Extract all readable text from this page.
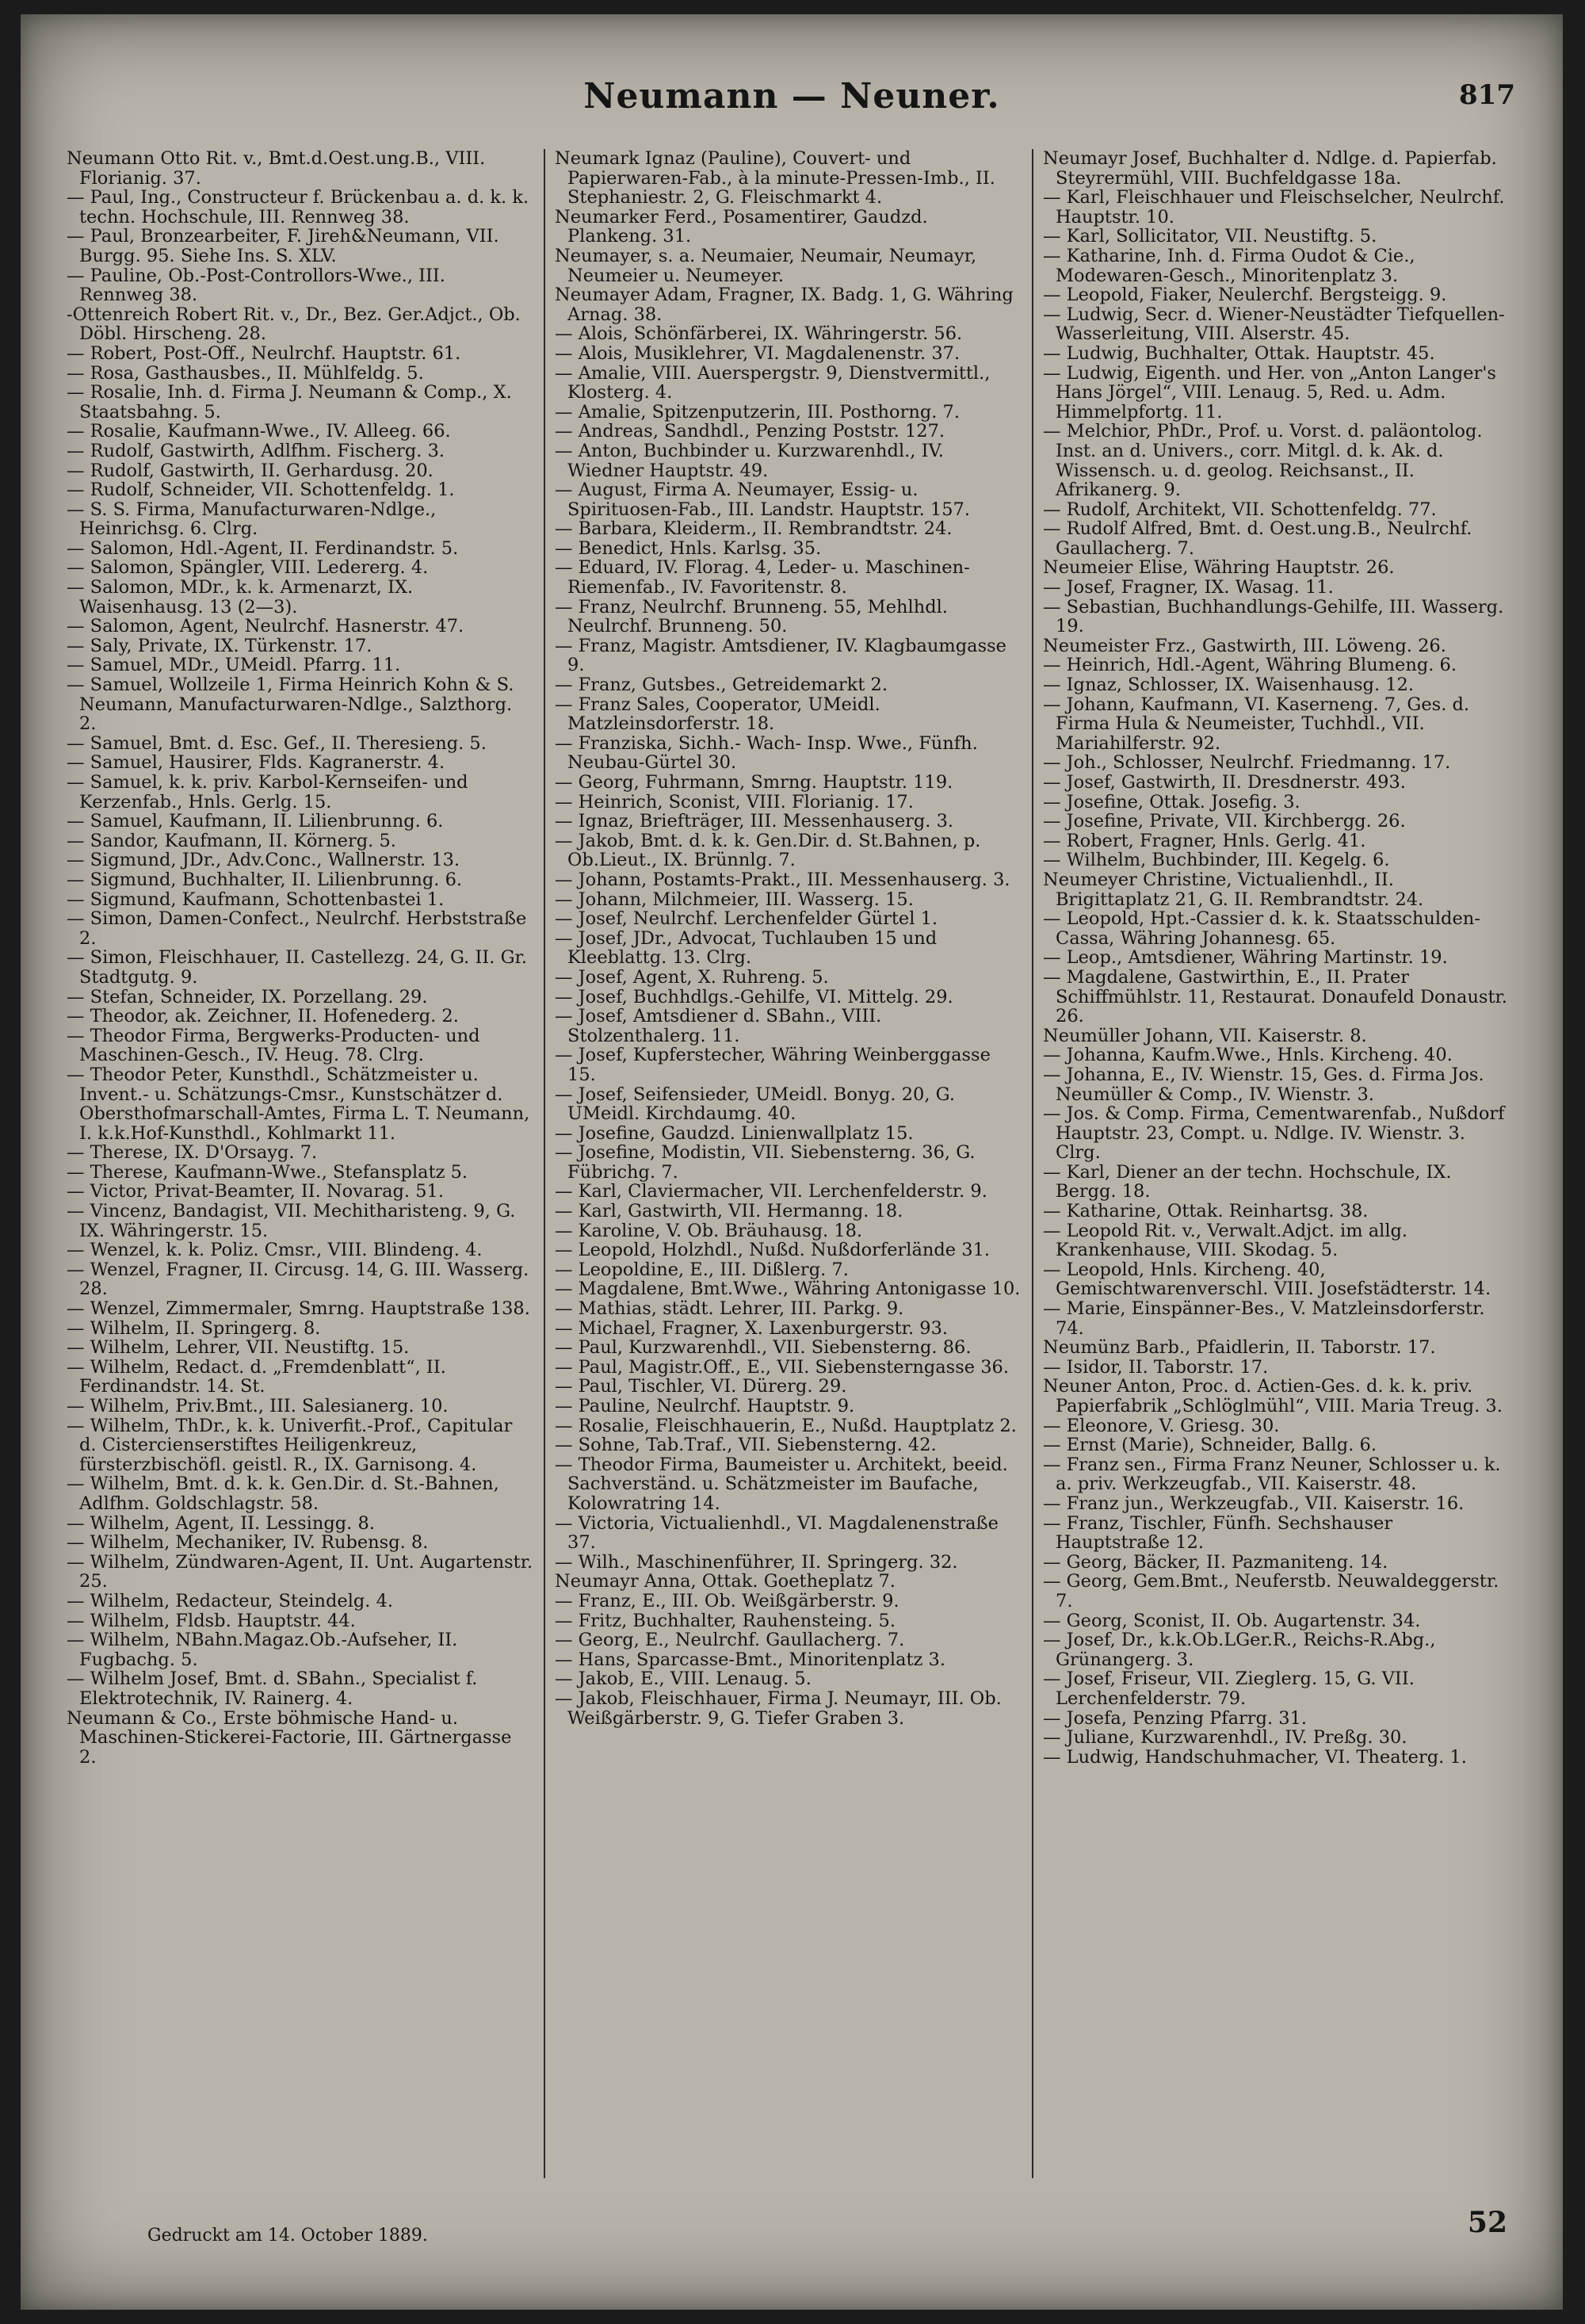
Neumann — Neuner.	817

Neumann Otto Rit. v., Bmt.d.Oest.ung.B., VIII. Florianig. 37.

— Paul, Ing., Constructeur f. Brückenbau a. d. k. k. techn. Hochschule, III. Rennweg 38.

— Paul, Bronzearbeiter, F. Jireh&Neumann, VII. Burgg. 95. Siehe Ins. S. XLV.

— Pauline, Ob.-Post-Controllors-Wwe., III. Rennweg 38.

-Ottenreich Robert Rit. v., Dr., Bez. Ger.Adjct., Ob. Döbl. Hirscheng. 28.

— Robert, Post-Off., Neulrchf. Hauptstr. 61.

— Rosa, Gasthausbes., II. Mühlfeldg. 5.

— Rosalie, Inh. d. Firma J. Neumann & Comp., X. Staatsbahng. 5.

— Rosalie, Kaufmann-Wwe., IV. Alleeg. 66.

— Rudolf, Gastwirth, Adlfhm. Fischerg. 3.

— Rudolf, Gastwirth, II. Gerhardusg. 20.

— Rudolf, Schneider, VII. Schottenfeldg. 1.

— S. S. Firma, Manufacturwaren-Ndlge., Heinrichsg. 6. Clrg.

— Salomon, Hdl.-Agent, II. Ferdinandstr. 5.

— Salomon, Spängler, VIII. Ledererg. 4.

— Salomon, MDr., k. k. Armenarzt, IX. Waisenhausg. 13 (2—3).

— Salomon, Agent, Neulrchf. Hasnerstr. 47.

— Saly, Private, IX. Türkenstr. 17.

— Samuel, MDr., UMeidl. Pfarrg. 11.

— Samuel, Wollzeile 1, Firma Heinrich Kohn & S. Neumann, Manufacturwaren-Ndlge., Salzthorg. 2.

— Samuel, Bmt. d. Esc. Gef., II. Theresieng. 5.

— Samuel, Hausirer, Flds. Kagranerstr. 4.

— Samuel, k. k. priv. Karbol-Kernseifen- und Kerzenfab., Hnls. Gerlg. 15.

— Samuel, Kaufmann, II. Lilienbrunng. 6.

— Sandor, Kaufmann, II. Körnerg. 5.

— Sigmund, JDr., Adv.Conc., Wallnerstr. 13.

— Sigmund, Buchhalter, II. Lilienbrunng. 6.

— Sigmund, Kaufmann, Schottenbastei 1.

— Simon, Damen-Confect., Neulrchf. Herbststraße 2.

— Simon, Fleischhauer, II. Castellezg. 24, G. II. Gr. Stadtgutg. 9.

— Stefan, Schneider, IX. Porzellang. 29.

— Theodor, ak. Zeichner, II. Hofenederg. 2.

— Theodor Firma, Bergwerks-Producten- und Maschinen-Gesch., IV. Heug. 78. Clrg.

— Theodor Peter, Kunsthdl., Schätzmeister u. Invent.- u. Schätzungs-Cmsr., Kunstschätzer d. Obersthofmarschall-Amtes, Firma L. T. Neumann, I. k.k.Hof-Kunsthdl., Kohlmarkt 11.

— Therese, IX. D'Orsayg. 7.

— Therese, Kaufmann-Wwe., Stefansplatz 5.

— Victor, Privat-Beamter, II. Novarag. 51.

— Vincenz, Bandagist, VII. Mechitharisteng. 9, G. IX. Währingerstr. 15.

— Wenzel, k. k. Poliz. Cmsr., VIII. Blindeng. 4.

— Wenzel, Fragner, II. Circusg. 14, G. III. Wasserg. 28.

— Wenzel, Zimmermaler, Smrng. Hauptstraße 138.

— Wilhelm, II. Springerg. 8.

— Wilhelm, Lehrer, VII. Neustiftg. 15.

— Wilhelm, Redact. d. „Fremdenblatt“, II. Ferdinandstr. 14. St.

— Wilhelm, Priv.Bmt., III. Salesianerg. 10.

— Wilhelm, ThDr., k. k. Univerfit.-Prof., Capitular d. Cistercienserstiftes Heiligenkreuz, fürsterzbischöfl. geistl. R., IX. Garnisong. 4.

— Wilhelm, Bmt. d. k. k. Gen.Dir. d. St.-Bahnen, Adlfhm. Goldschlagstr. 58.

— Wilhelm, Agent, II. Lessingg. 8.

— Wilhelm, Mechaniker, IV. Rubensg. 8.

— Wilhelm, Zündwaren-Agent, II. Unt. Augartenstr. 25.

— Wilhelm, Redacteur, Steindelg. 4.

— Wilhelm, Fldsb. Hauptstr. 44.

— Wilhelm, NBahn.Magaz.Ob.-Aufseher, II. Fugbachg. 5.

— Wilhelm Josef, Bmt. d. SBahn., Specialist f. Elektrotechnik, IV. Rainerg. 4.

Neumann & Co., Erste böhmische Hand- u. Maschinen-Stickerei-Factorie, III. Gärtnergasse 2.

Neumark Ignaz (Pauline), Couvert- und Papierwaren-Fab., à la minute-Pressen-Imb., II. Stephaniestr. 2, G. Fleischmarkt 4.

Neumarker Ferd., Posamentirer, Gaudzd. Plankeng. 31.

Neumayer, s. a. Neumaier, Neumair, Neumayr, Neumeier u. Neumeyer.

Neumayer Adam, Fragner, IX. Badg. 1, G. Währing Arnag. 38.

— Alois, Schönfärberei, IX. Währingerstr. 56.

— Alois, Musiklehrer, VI. Magdalenenstr. 37.

— Amalie, VIII. Auerspergstr. 9, Dienstvermittl., Klosterg. 4.

— Amalie, Spitzenputzerin, III. Posthorng. 7.

— Andreas, Sandhdl., Penzing Poststr. 127.

— Anton, Buchbinder u. Kurzwarenhdl., IV. Wiedner Hauptstr. 49.

— August, Firma A. Neumayer, Essig- u. Spirituosen-Fab., III. Landstr. Hauptstr. 157.

— Barbara, Kleiderm., II. Rembrandtstr. 24.

— Benedict, Hnls. Karlsg. 35.

— Eduard, IV. Florag. 4, Leder- u. Maschinen-Riemenfab., IV. Favoritenstr. 8.

— Franz, Neulrchf. Brunneng. 55, Mehlhdl. Neulrchf. Brunneng. 50.

— Franz, Magistr. Amtsdiener, IV. Klagbaumgasse 9.

— Franz, Gutsbes., Getreidemarkt 2.

— Franz Sales, Cooperator, UMeidl. Matzleinsdorferstr. 18.

— Franziska, Sichh.- Wach- Insp. Wwe., Fünfh. Neubau-Gürtel 30.

— Georg, Fuhrmann, Smrng. Hauptstr. 119.

— Heinrich, Sconist, VIII. Florianig. 17.

— Ignaz, Briefträger, III. Messenhauserg. 3.

— Jakob, Bmt. d. k. k. Gen.Dir. d. St.Bahnen, p. Ob.Lieut., IX. Brünnlg. 7.

— Johann, Postamts-Prakt., III. Messenhauserg. 3.

— Johann, Milchmeier, III. Wasserg. 15.

— Josef, Neulrchf. Lerchenfelder Gürtel 1.

— Josef, JDr., Advocat, Tuchlauben 15 und Kleeblattg. 13. Clrg.

— Josef, Agent, X. Ruhreng. 5.

— Josef, Buchhdlgs.-Gehilfe, VI. Mittelg. 29.

— Josef, Amtsdiener d. SBahn., VIII. Stolzenthalerg. 11.

— Josef, Kupferstecher, Währing Weinberggasse 15.

— Josef, Seifensieder, UMeidl. Bonyg. 20, G. UMeidl. Kirchdaumg. 40.

— Josefine, Gaudzd. Linienwallplatz 15.

— Josefine, Modistin, VII. Siebensterng. 36, G. Fübrichg. 7.

— Karl, Claviermacher, VII. Lerchenfelderstr. 9.

— Karl, Gastwirth, VII. Hermanng. 18.

— Karoline, V. Ob. Bräuhausg. 18.

— Leopold, Holzhdl., Nußd. Nußdorferlände 31.

— Leopoldine, E., III. Dißlerg. 7.

— Magdalene, Bmt.Wwe., Währing Antonigasse 10.

— Mathias, städt. Lehrer, III. Parkg. 9.

— Michael, Fragner, X. Laxenburgerstr. 93.

— Paul, Kurzwarenhdl., VII. Siebensterng. 86.

— Paul, Magistr.Off., E., VII. Siebensterngasse 36.

— Paul, Tischler, VI. Dürerg. 29.

— Pauline, Neulrchf. Hauptstr. 9.

— Rosalie, Fleischhauerin, E., Nußd. Hauptplatz 2.

— Sohne, Tab.Traf., VII. Siebensterng. 42.

— Theodor Firma, Baumeister u. Architekt, beeid. Sachverständ. u. Schätzmeister im Baufache, Kolowratring 14.

— Victoria, Victualienhdl., VI. Magdalenenstraße 37.

— Wilh., Maschinenführer, II. Springerg. 32.

Neumayr Anna, Ottak. Goetheplatz 7.

— Franz, E., III. Ob. Weißgärberstr. 9.

— Fritz, Buchhalter, Rauhensteing. 5.

— Georg, E., Neulrchf. Gaullacherg. 7.

— Hans, Sparcasse-Bmt., Minoritenplatz 3.

— Jakob, E., VIII. Lenaug. 5.

— Jakob, Fleischhauer, Firma J. Neumayr, III. Ob. Weißgärberstr. 9, G. Tiefer Graben 3.

Neumayr Josef, Buchhalter d. Ndlge. d. Papierfab. Steyrermühl, VIII. Buchfeldgasse 18a.

— Karl, Fleischhauer und Fleischselcher, Neulrchf. Hauptstr. 10.

— Karl, Sollicitator, VII. Neustiftg. 5.

— Katharine, Inh. d. Firma Oudot & Cie., Modewaren-Gesch., Minoritenplatz 3.

— Leopold, Fiaker, Neulerchf. Bergsteigg. 9.

— Ludwig, Secr. d. Wiener-Neustädter Tiefquellen-Wasserleitung, VIII. Alserstr. 45.

— Ludwig, Buchhalter, Ottak. Hauptstr. 45.

— Ludwig, Eigenth. und Her. von „Anton Langer's Hans Jörgel“, VIII. Lenaug. 5, Red. u. Adm. Himmelpfortg. 11.

— Melchior, PhDr., Prof. u. Vorst. d. paläontolog. Inst. an d. Univers., corr. Mitgl. d. k. Ak. d. Wissensch. u. d. geolog. Reichsanst., II. Afrikanerg. 9.

— Rudolf, Architekt, VII. Schottenfeldg. 77.

— Rudolf Alfred, Bmt. d. Oest.ung.B., Neulrchf. Gaullacherg. 7.

Neumeier Elise, Währing Hauptstr. 26.

— Josef, Fragner, IX. Wasag. 11.

— Sebastian, Buchhandlungs-Gehilfe, III. Wasserg. 19.

Neumeister Frz., Gastwirth, III. Löweng. 26.

— Heinrich, Hdl.-Agent, Währing Blumeng. 6.

— Ignaz, Schlosser, IX. Waisenhausg. 12.

— Johann, Kaufmann, VI. Kaserneng. 7, Ges. d. Firma Hula & Neumeister, Tuchhdl., VII. Mariahilferstr. 92.

— Joh., Schlosser, Neulrchf. Friedmanng. 17.

— Josef, Gastwirth, II. Dresdnerstr. 493.

— Josefine, Ottak. Josefig. 3.

— Josefine, Private, VII. Kirchbergg. 26.

— Robert, Fragner, Hnls. Gerlg. 41.

— Wilhelm, Buchbinder, III. Kegelg. 6.

Neumeyer Christine, Victualienhdl., II. Brigittaplatz 21, G. II. Rembrandtstr. 24.

— Leopold, Hpt.-Cassier d. k. k. Staatsschulden-Cassa, Währing Johannesg. 65.

— Leop., Amtsdiener, Währing Martinstr. 19.

— Magdalene, Gastwirthin, E., II. Prater Schiffmühlstr. 11, Restaurat. Donaufeld Donaustr. 26.

Neumüller Johann, VII. Kaiserstr. 8.

— Johanna, Kaufm.Wwe., Hnls. Kircheng. 40.

— Johanna, E., IV. Wienstr. 15, Ges. d. Firma Jos. Neumüller & Comp., IV. Wienstr. 3.

— Jos. & Comp. Firma, Cementwarenfab., Nußdorf Hauptstr. 23, Compt. u. Ndlge. IV. Wienstr. 3. Clrg.

— Karl, Diener an der techn. Hochschule, IX. Bergg. 18.

— Katharine, Ottak. Reinhartsg. 38.

— Leopold Rit. v., Verwalt.Adjct. im allg. Krankenhause, VIII. Skodag. 5.

— Leopold, Hnls. Kircheng. 40, Gemischtwarenverschl. VIII. Josefstädterstr. 14.

— Marie, Einspänner-Bes., V. Matzleinsdorferstr. 74.

Neumünz Barb., Pfaidlerin, II. Taborstr. 17.

— Isidor, II. Taborstr. 17.

Neuner Anton, Proc. d. Actien-Ges. d. k. k. priv. Papierfabrik „Schlöglmühl“, VIII. Maria Treug. 3.

— Eleonore, V. Griesg. 30.

— Ernst (Marie), Schneider, Ballg. 6.

— Franz sen., Firma Franz Neuner, Schlosser u. k. a. priv. Werkzeugfab., VII. Kaiserstr. 48.

— Franz jun., Werkzeugfab., VII. Kaiserstr. 16.

— Franz, Tischler, Fünfh. Sechshauser Hauptstraße 12.

— Georg, Bäcker, II. Pazmaniteng. 14.

— Georg, Gem.Bmt., Neuferstb. Neuwaldeggerstr. 7.

— Georg, Sconist, II. Ob. Augartenstr. 34.

— Josef, Dr., k.k.Ob.LGer.R., Reichs-R.Abg., Grünangerg. 3.

— Josef, Friseur, VII. Zieglerg. 15, G. VII. Lerchenfelderstr. 79.

— Josefa, Penzing Pfarrg. 31.

— Juliane, Kurzwarenhdl., IV. Preßg. 30.

— Ludwig, Handschuhmacher, VI. Theaterg. 1.

Gedruckt am 14. October 1889.	52
